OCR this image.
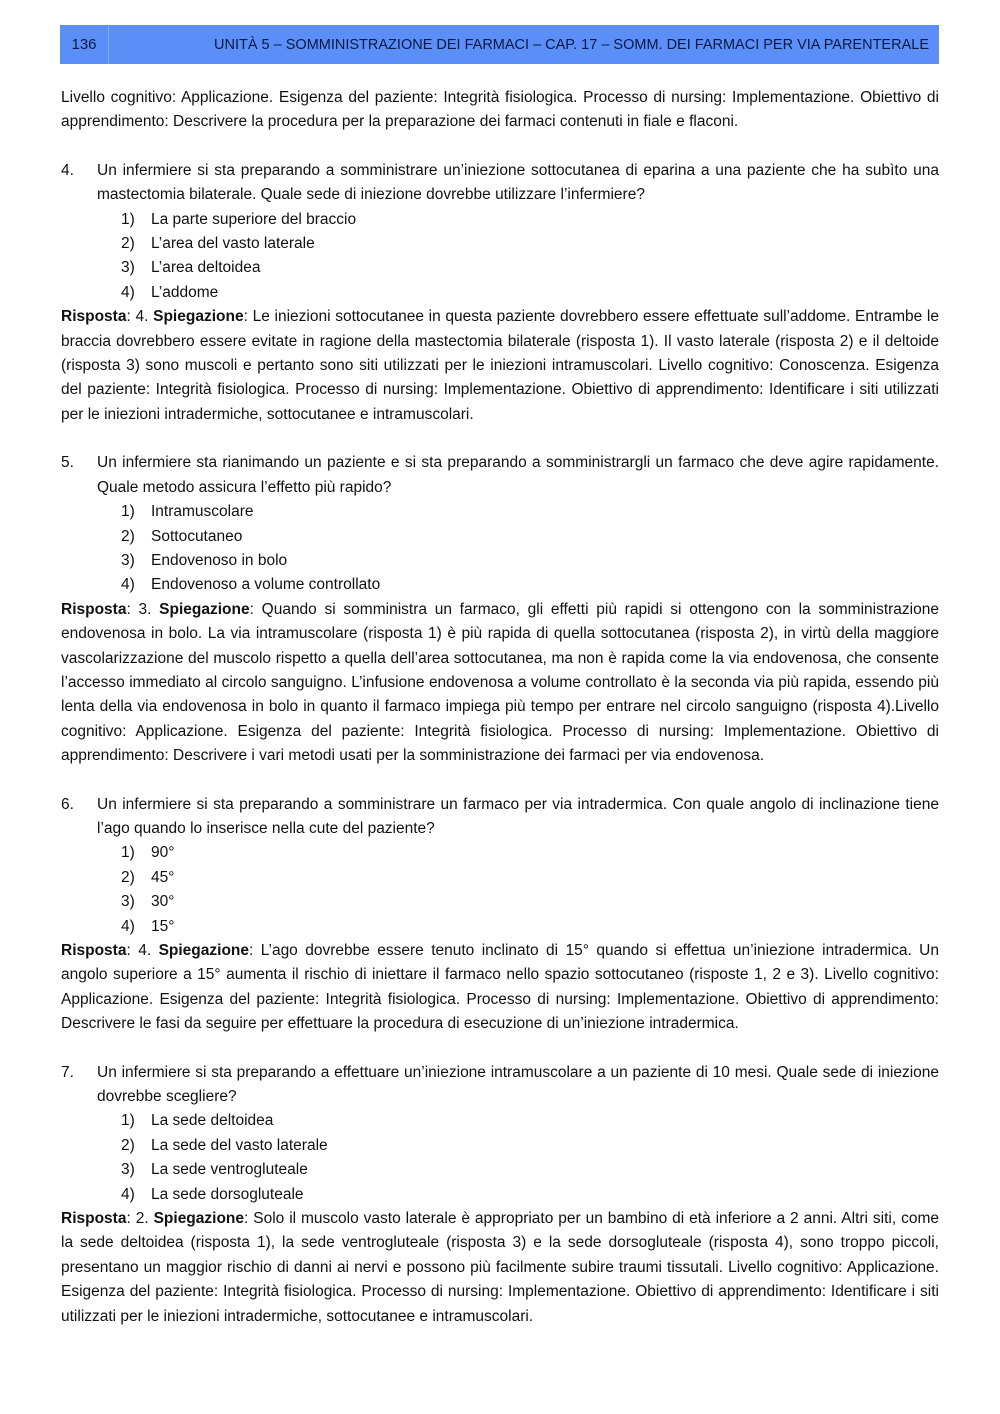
136	UNITÀ 5 – SOMMINISTRAZIONE DEI FARMACI – CAP. 17 – SOMM. DEI FARMACI PER VIA PARENTERALE

Livello cognitivo: Applicazione. Esigenza del paziente: Integrità fisiologica. Processo di nursing: Implementazione. Obiettivo di apprendimento: Descrivere la procedura per la preparazione dei farmaci contenuti in fiale e flaconi.

4.	Un infermiere si sta preparando a somministrare un’iniezione sottocutanea di eparina a una paziente che ha subìto una mastectomia bilaterale. Quale sede di iniezione dovrebbe utilizzare l’infermiere?
1)	La parte superiore del braccio
2)	L’area del vasto laterale
3)	L’area deltoidea
4)	L’addome

Risposta: 4. Spiegazione: Le iniezioni sottocutanee in questa paziente dovrebbero essere effettuate sull’addome. Entrambe le braccia dovrebbero essere evitate in ragione della mastectomia bilaterale (risposta 1). Il vasto laterale (risposta 2) e il deltoide (risposta 3) sono muscoli e pertanto sono siti utilizzati per le iniezioni intramuscolari. Livello cognitivo: Conoscenza. Esigenza del paziente: Integrità fisiologica. Processo di nursing: Implementazione. Obiettivo di apprendimento: Identificare i siti utilizzati per le iniezioni intradermiche, sottocutanee e intramuscolari.

5.	Un infermiere sta rianimando un paziente e si sta preparando a somministrargli un farmaco che deve agire rapidamente. Quale metodo assicura l’effetto più rapido?
1)	Intramuscolare
2)	Sottocutaneo
3)	Endovenoso in bolo
4)	Endovenoso a volume controllato

Risposta: 3. Spiegazione: Quando si somministra un farmaco, gli effetti più rapidi si ottengono con la somministrazione endovenosa in bolo. La via intramuscolare (risposta 1) è più rapida di quella sottocutanea (risposta 2), in virtù della maggiore vascolarizzazione del muscolo rispetto a quella dell’area sottocutanea, ma non è rapida come la via endovenosa, che consente l’accesso immediato al circolo sanguigno. L’infusione endovenosa a volume controllato è la seconda via più rapida, essendo più lenta della via endovenosa in bolo in quanto il farmaco impiega più tempo per entrare nel circolo sanguigno (risposta 4).Livello cognitivo: Applicazione. Esigenza del paziente: Integrità fisiologica. Processo di nursing: Implementazione. Obiettivo di apprendimento: Descrivere i vari metodi usati per la somministrazione dei farmaci per via endovenosa.

6.	Un infermiere si sta preparando a somministrare un farmaco per via intradermica. Con quale angolo di inclinazione tiene l’ago quando lo inserisce nella cute del paziente?
1)	90°
2)	45°
3)	30°
4)	15°

Risposta: 4. Spiegazione: L’ago dovrebbe essere tenuto inclinato di 15° quando si effettua un’iniezione intradermica. Un angolo superiore a 15° aumenta il rischio di iniettare il farmaco nello spazio sottocutaneo (risposte 1, 2 e 3). Livello cognitivo: Applicazione. Esigenza del paziente: Integrità fisiologica. Processo di nursing: Implementazione. Obiettivo di apprendimento: Descrivere le fasi da seguire per effettuare la procedura di esecuzione di un’iniezione intradermica.

7.	Un infermiere si sta preparando a effettuare un’iniezione intramuscolare a un paziente di 10 mesi. Quale sede di iniezione dovrebbe scegliere?
1)	La sede deltoidea
2)	La sede del vasto laterale
3)	La sede ventrogluteale
4)	La sede dorsogluteale

Risposta: 2. Spiegazione: Solo il muscolo vasto laterale è appropriato per un bambino di età inferiore a 2 anni. Altri siti, come la sede deltoidea (risposta 1), la sede ventrogluteale (risposta 3) e la sede dorsogluteale (risposta 4), sono troppo piccoli, presentano un maggior rischio di danni ai nervi e possono più facilmente subire traumi tissutali. Livello cognitivo: Applicazione. Esigenza del paziente: Integrità fisiologica. Processo di nursing: Implementazione. Obiettivo di apprendimento: Identificare i siti utilizzati per le iniezioni intradermiche, sottocutanee e intramuscolari.
